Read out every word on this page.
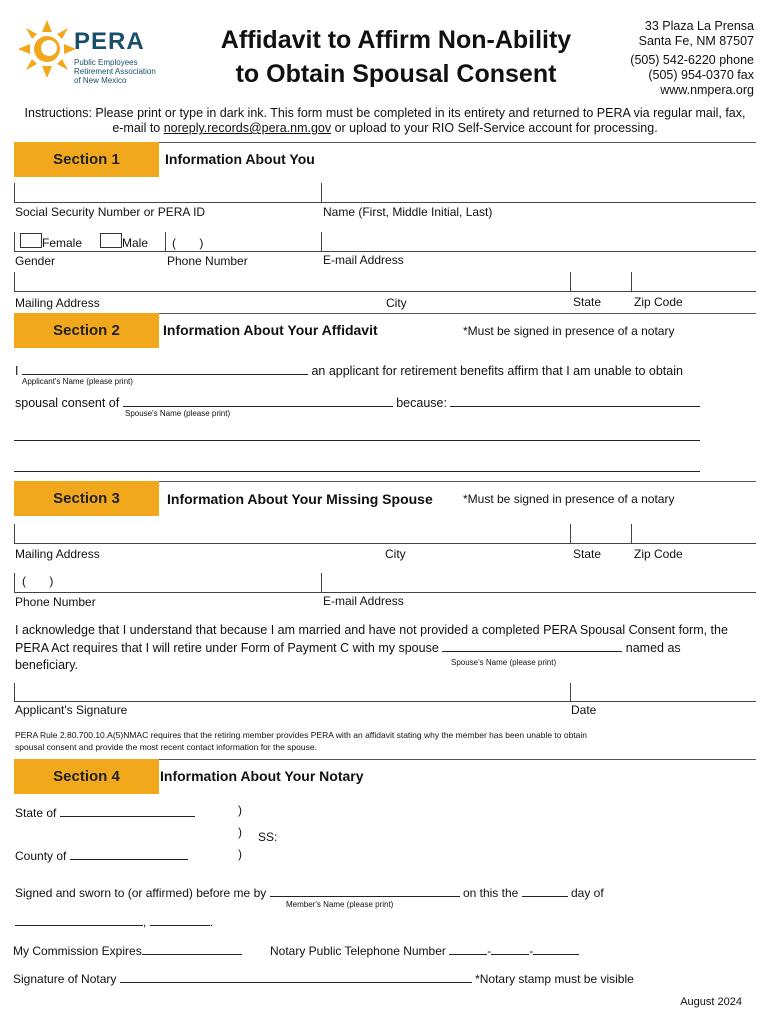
PERA
Public Employees
Retirement Association
of New Mexico
Affidavit to Affirm Non-Ability
to Obtain Spousal Consent
33 Plaza La Prensa
Santa Fe, NM 87507
(505) 542-6220 phone
(505) 954-0370 fax
www.nmpera.org
Instructions: Please print or type in dark ink. This form must be completed in its entirety and returned to PERA via regular mail, fax,
e-mail to noreply.records@pera.nm.gov or upload to your RIO Self-Service account for processing.
Section 1	Information About You
Social Security Number or PERA ID	Name (First, Middle Initial, Last)
Female	Male (       )
Gender	Phone Number	E-mail Address
Mailing Address	City	State	Zip Code
Section 2	Information About Your Affidavit	*Must be signed in presence of a notary
I	an applicant for retirement benefits affirm that I am unable to obtain
Applicant's Name (please print)
spousal consent of	because:
Spouse's Name (please print)
Section 3	Information About Your Missing Spouse	*Must be signed in presence of a notary
Mailing Address	City	State	Zip Code
(       )
Phone Number	E-mail Address
I acknowledge that I understand that because I am married and have not provided a completed PERA Spousal Consent form, the
PERA Act requires that I will retire under Form of Payment C with my spouse	named as
beneficiary.	Spouse's Name (please print)
Applicant's Signature	Date
PERA Rule 2.80.700.10.A(5)NMAC requires that the retiring member provides PERA with an affidavit stating why the member has been unable to obtain
spousal consent and provide the most recent contact information for the spouse.
Section 4	Information About Your Notary
State of	)
) SS:
)
County of
Signed and sworn to (or affirmed) before me by	on this the	day of
Member's Name (please print)
,	.
My Commission Expires	Notary Public Telephone Number	-	-
Signature of Notary	*Notary stamp must be visible
August 2024
